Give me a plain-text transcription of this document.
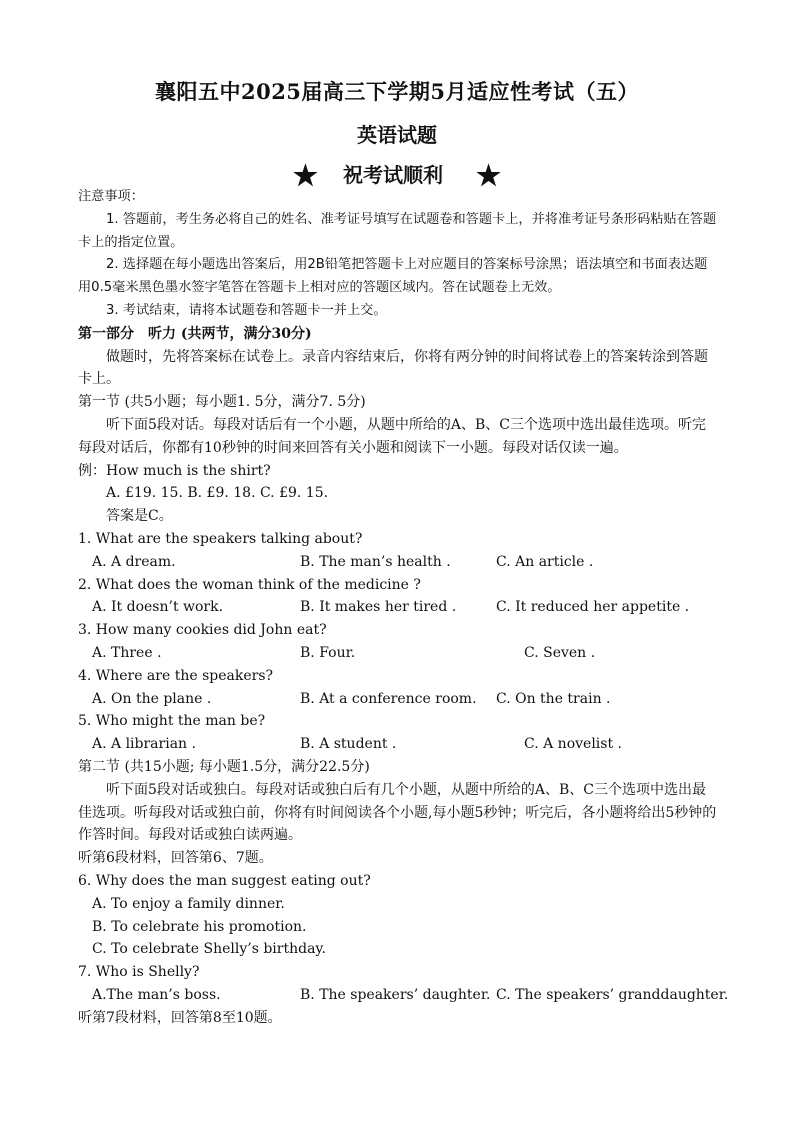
襄阳五中2025届高三下学期5月适应性考试（五）
英语试题
★ 祝考试顺利 ★

注意事项：

1. 答题前，考生务必将自己的姓名、准考证号填写在试题卷和答题卡上，并将准考证号条形码粘贴在答题卡上的指定位置。

2. 选择题在每小题选出答案后，用2B铅笔把答题卡上对应题目的答案标号涂黑；语法填空和书面表达题用0.5毫米黑色墨水签字笔答在答题卡上相对应的答题区域内。答在试题卷上无效。

3. 考试结束，请将本试题卷和答题卡一并上交。

第一部分　听力 (共两节，满分30分)

做题时，先将答案标在试卷上。录音内容结束后，你将有两分钟的时间将试卷上的答案转涂到答题卡上。

第一节 (共5小题；每小题1. 5分，满分7. 5分)

听下面5段对话。每段对话后有一个小题，从题中所给的A、B、C三个选项中选出最佳选项。听完每段对话后，你都有10秒钟的时间来回答有关小题和阅读下一小题。每段对话仅读一遍。

例：How much is the shirt?

A. £19. 15. B. £9. 18. C. £9. 15.

答案是C。

1. What are the speakers talking about?

A. A dream.	B. The man’s health .	C. An article .

2. What does the woman think of the medicine ?

A. It doesn’t work.	B. It makes her tired .	C. It reduced her appetite .

3. How many cookies did John eat?

A. Three .	B. Four.	C. Seven .

4. Where are the speakers?

A. On the plane .	B. At a conference room. C. On the train .

5. Who might the man be?

A. A librarian .	B. A student .	C. A novelist .

第二节 (共15小题; 每小题1.5分，满分22.5分)

听下面5段对话或独白。每段对话或独白后有几个小题，从题中所给的A、B、C三个选项中选出最佳选项。听每段对话或独白前，你将有时间阅读各个小题,每小题5秒钟；听完后，各小题将给出5秒钟的作答时间。每段对话或独白读两遍。

听第6段材料，回答第6、7题。

6. Why does the man suggest eating out?

A. To enjoy a family dinner.

B. To celebrate his promotion.

C. To celebrate Shelly’s birthday.

7. Who is Shelly?

A.The man’s boss.	B. The speakers’ daughter. C. The speakers’ granddaughter.

听第7段材料，回答第8至10题。
